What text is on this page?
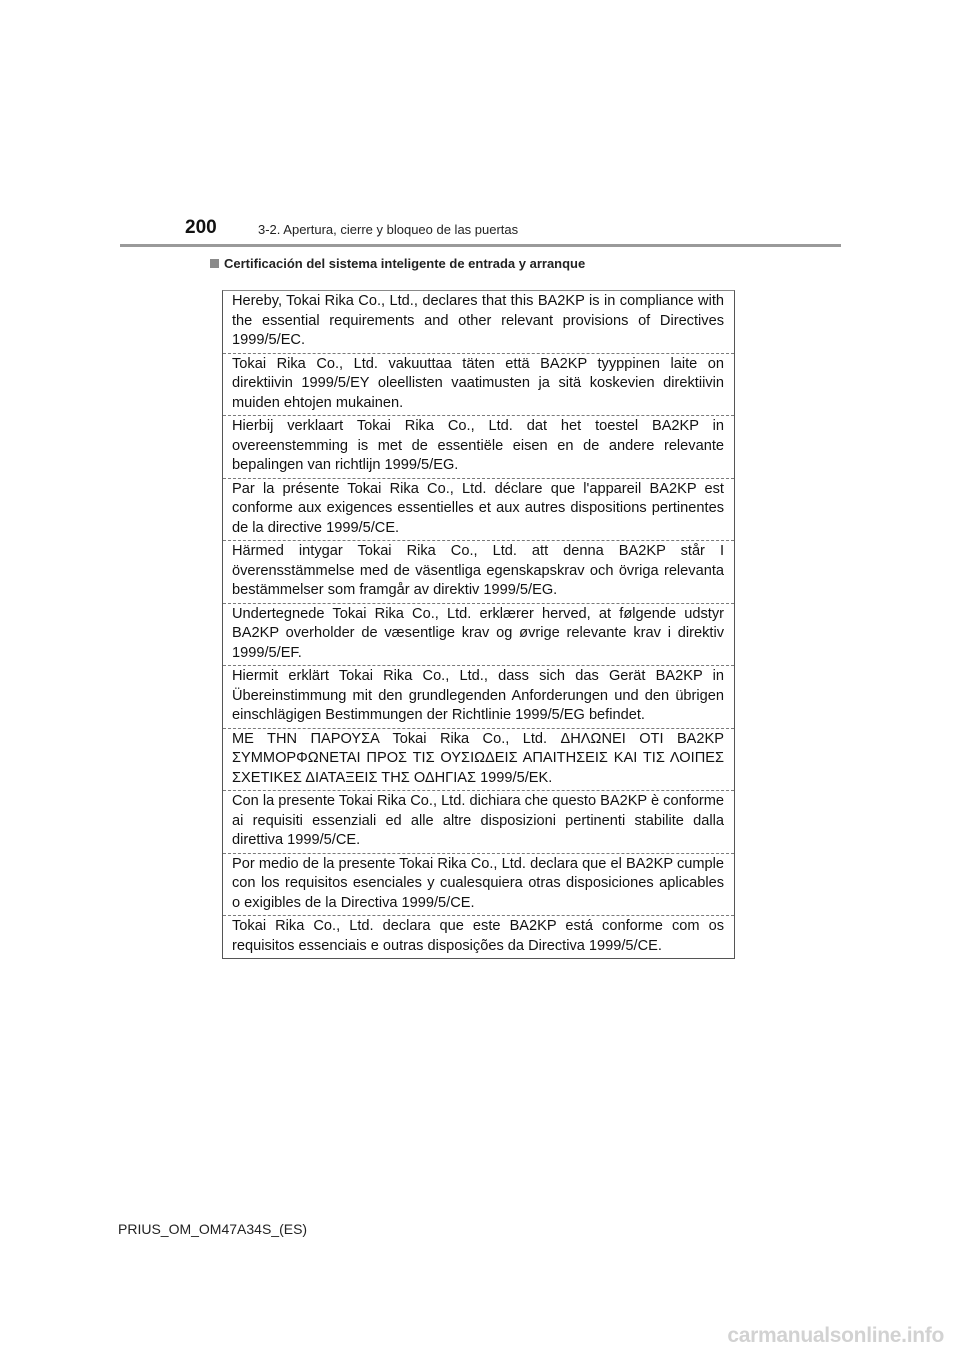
200	3-2. Apertura, cierre y bloqueo de las puertas
Certificación del sistema inteligente de entrada y arranque
Hereby, Tokai Rika Co., Ltd., declares that this BA2KP is in compliance with the essential requirements and other relevant provisions of Directives 1999/5/EC.
Tokai Rika Co., Ltd. vakuuttaa täten että BA2KP tyyppinen laite on direktiivin 1999/5/EY oleellisten vaatimusten ja sitä koskevien direktiivin muiden ehtojen mukainen.
Hierbij verklaart Tokai Rika Co., Ltd. dat het toestel BA2KP in overeenstemming is met de essentiële eisen en de andere relevante bepalingen van richtlijn 1999/5/EG.
Par la présente Tokai Rika Co., Ltd. déclare que l'appareil BA2KP est conforme aux exigences essentielles et aux autres dispositions pertinentes de la directive 1999/5/CE.
Härmed intygar Tokai Rika Co., Ltd. att denna BA2KP står I överensstämmelse med de väsentliga egenskapskrav och övriga relevanta bestämmelser som framgår av direktiv 1999/5/EG.
Undertegnede Tokai Rika Co., Ltd. erklærer herved, at følgende udstyr BA2KP overholder de væsentlige krav og øvrige relevante krav i direktiv 1999/5/EF.
Hiermit erklärt Tokai Rika Co., Ltd., dass sich das Gerät BA2KP in Übereinstimmung mit den grundlegenden Anforderungen und den übrigen einschlägigen Bestimmungen der Richtlinie 1999/5/EG befindet.
ΜΕ ΤΗΝ ΠΑΡΟΥΣΑ Tokai Rika Co., Ltd. ΔΗΛΩΝΕΙ ΟΤΙ BA2KP ΣΥΜΜΟΡΦΩΝΕΤΑΙ ΠΡΟΣ ΤΙΣ ΟΥΣΙΩΔΕΙΣ ΑΠΑΙΤΗΣΕΙΣ ΚΑΙ ΤΙΣ ΛΟΙΠΕΣ ΣΧΕΤΙΚΕΣ ΔΙΑΤΑΞΕΙΣ ΤΗΣ ΟΔΗΓΙΑΣ 1999/5/ΕΚ.
Con la presente Tokai Rika Co., Ltd. dichiara che questo BA2KP è conforme ai requisiti essenziali ed alle altre disposizioni pertinenti stabilite dalla direttiva 1999/5/CE.
Por medio de la presente Tokai Rika Co., Ltd. declara que el BA2KP cumple con los requisitos esenciales y cualesquiera otras disposiciones aplicables o exigibles de la Directiva 1999/5/CE.
Tokai Rika Co., Ltd. declara que este BA2KP está conforme com os requisitos essenciais e outras disposições da Directiva 1999/5/CE.
PRIUS_OM_OM47A34S_(ES)
carmanualsonline.info
